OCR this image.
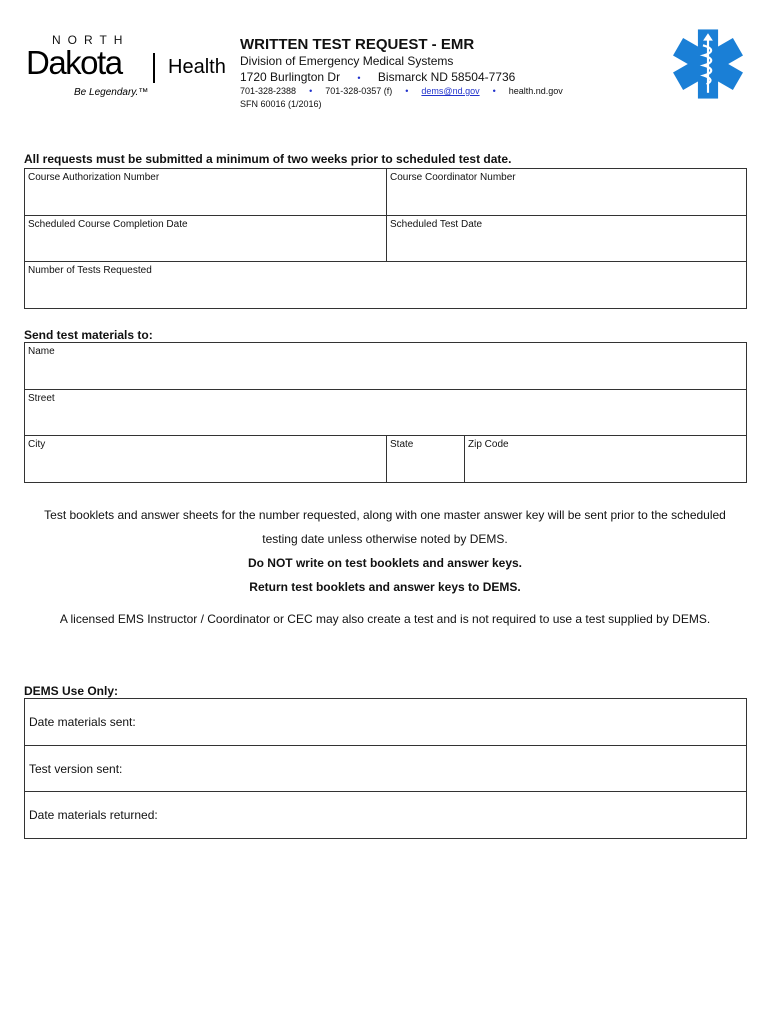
NORTH
Dakota Health
Be Legendary.™
WRITTEN TEST REQUEST - EMR
Division of Emergency Medical Systems
1720 Burlington Dr • Bismarck ND 58504-7736
701-328-2388 • 701-328-0357 (f) • dems@nd.gov • health.nd.gov
SFN 60016 (1/2016)
All requests must be submitted a minimum of two weeks prior to scheduled test date.
Course Authorization Number	Course Coordinator Number
Scheduled Course Completion Date	Scheduled Test Date
Number of Tests Requested	
Send test materials to:
Name
Street
City	State	Zip Code
Test booklets and answer sheets for the number requested, along with one master answer key will be sent prior to the scheduled
testing date unless otherwise noted by DEMS.
Do NOT write on test booklets and answer keys.
Return test booklets and answer keys to DEMS.
A licensed EMS Instructor / Coordinator or CEC may also create a test and is not required to use a test supplied by DEMS.
DEMS Use Only:
Date materials sent:
Test version sent:
Date materials returned:
